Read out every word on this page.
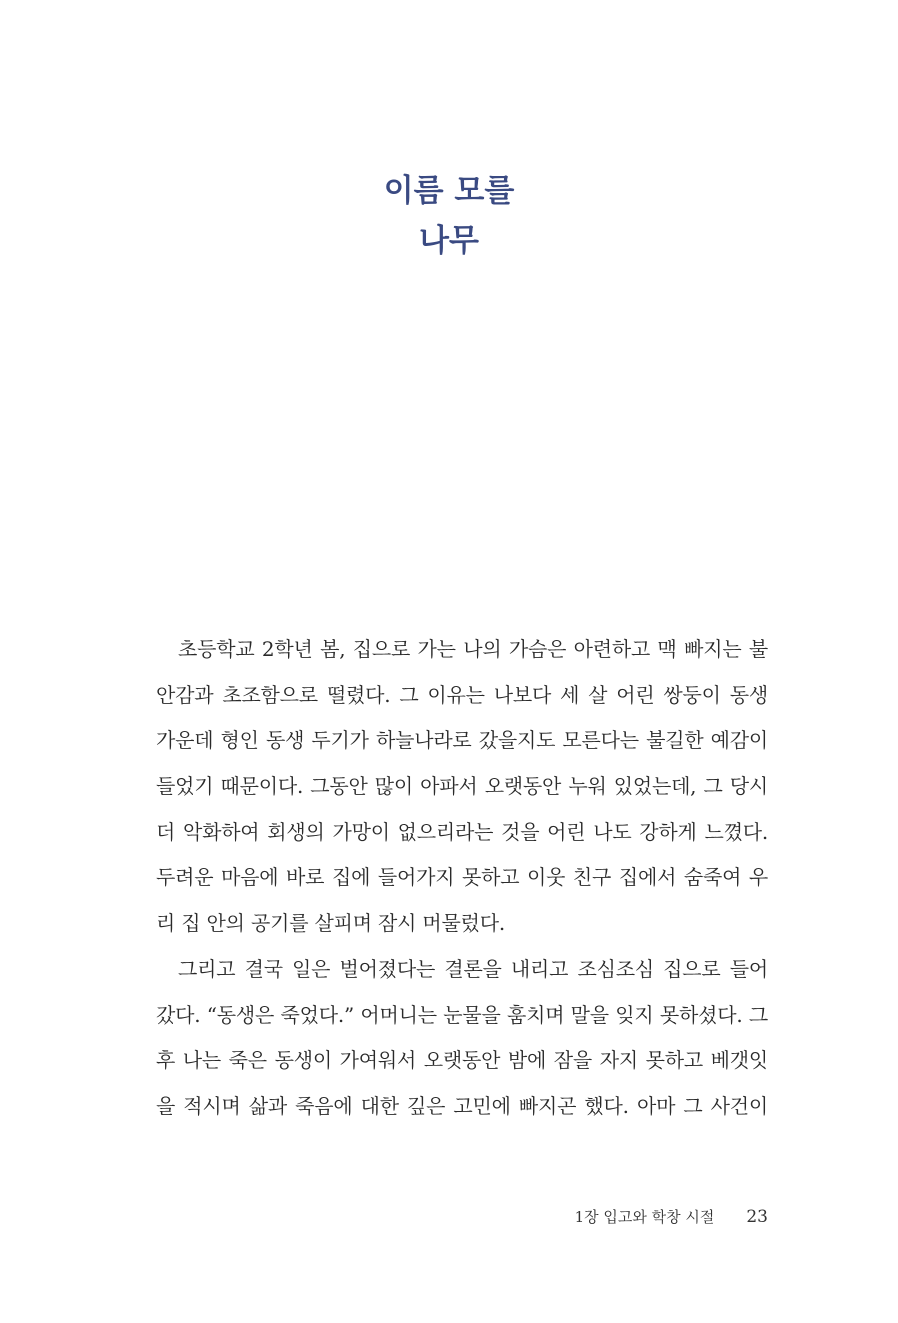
이름 모를
나무
초등학교 2학년 봄, 집으로 가는 나의 가슴은 아련하고 맥 빠지는 불
안감과 초조함으로 떨렸다. 그 이유는 나보다 세 살 어린 쌍둥이 동생
가운데 형인 동생 두기가 하늘나라로 갔을지도 모른다는 불길한 예감이
들었기 때문이다. 그동안 많이 아파서 오랫동안 누워 있었는데, 그 당시
더 악화하여 회생의 가망이 없으리라는 것을 어린 나도 강하게 느꼈다.
두려운 마음에 바로 집에 들어가지 못하고 이웃 친구 집에서 숨죽여 우
리 집 안의 공기를 살피며 잠시 머물렀다.
그리고 결국 일은 벌어졌다는 결론을 내리고 조심조심 집으로 들어
갔다. “동생은 죽었다.” 어머니는 눈물을 훔치며 말을 잊지 못하셨다. 그
후 나는 죽은 동생이 가여워서 오랫동안 밤에 잠을 자지 못하고 베갯잇
을 적시며 삶과 죽음에 대한 깊은 고민에 빠지곤 했다. 아마 그 사건이
1장 입고와 학창 시절 23
